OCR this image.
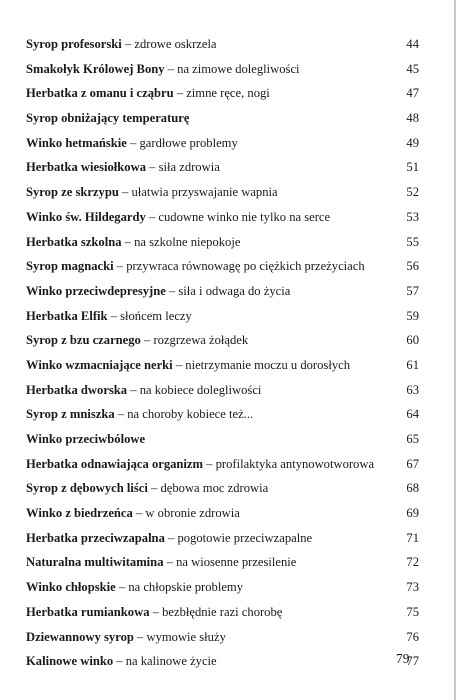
Syrop profesorski – zdrowe oskrzela	44
Smakołyk Królowej Bony – na zimowe dolegliwości	45
Herbatka z omanu i cząbru – zimne ręce, nogi	47
Syrop obniżający temperaturę	48
Winko hetmańskie – gardłowe problemy	49
Herbatka wiesiołkowa – siła zdrowia	51
Syrop ze skrzypu – ułatwia przyswajanie wapnia	52
Winko św. Hildegardy – cudowne winko nie tylko na serce	53
Herbatka szkolna – na szkolne niepokoje	55
Syrop magnacki – przywraca równowagę po ciężkich przeżyciach	56
Winko przeciwdepresyjne – siła i odwaga do życia	57
Herbatka Elfik – słońcem leczy	59
Syrop z bzu czarnego – rozgrzewa żołądek	60
Winko wzmacniające nerki – nietrzymanie moczu u dorosłych	61
Herbatka dworska – na kobiece dolegliwości	63
Syrop z mniszka – na choroby kobiece też...	64
Winko przeciwbólowe	65
Herbatka odnawiająca organizm – profilaktyka antynowotworowa	67
Syrop z dębowych liści – dębowa moc zdrowia	68
Winko z biedrzeńca – w obronie zdrowia	69
Herbatka przeciwzapalna – pogotowie przeciwzapalne	71
Naturalna multiwitamina – na wiosenne przesilenie	72
Winko chłopskie – na chłopskie problemy	73
Herbatka rumiankowa – bezbłędnie razi chorobę	75
Dziewannowy syrop – wymowie służy	76
Kalinowe winko – na kalinowe życie	77
79
